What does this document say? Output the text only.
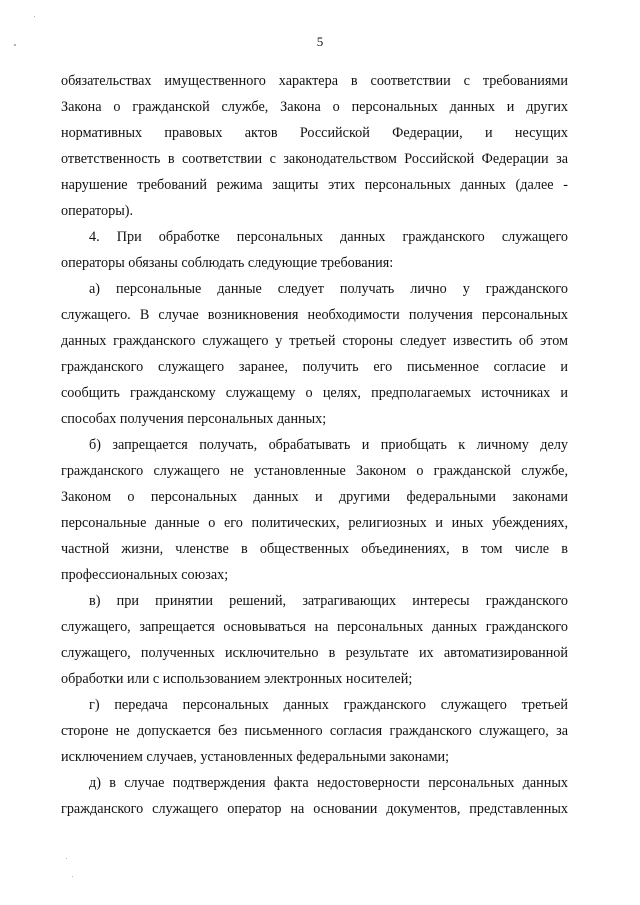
5
обязательствах имущественного характера в соответствии с требованиями
Закона о гражданской службе, Закона о персональных данных и других
нормативных правовых актов Российской Федерации, и несущих
ответственность в соответствии с законодательством Российской Федерации за
нарушение требований режима защиты этих персональных данных (далее -
операторы).
4. При обработке персональных данных гражданского служащего
операторы обязаны соблюдать следующие требования:
а) персональные данные следует получать лично у гражданского
служащего. В случае возникновения необходимости получения персональных
данных гражданского служащего у третьей стороны следует известить об этом
гражданского служащего заранее, получить его письменное согласие и
сообщить гражданскому служащему о целях, предполагаемых источниках и
способах получения персональных данных;
б) запрещается получать, обрабатывать и приобщать к личному делу
гражданского служащего не установленные Законом о гражданской службе,
Законом о персональных данных и другими федеральными законами
персональные данные о его политических, религиозных и иных убеждениях,
частной жизни, членстве в общественных объединениях, в том числе в
профессиональных союзах;
в) при принятии решений, затрагивающих интересы гражданского
служащего, запрещается основываться на персональных данных гражданского
служащего, полученных исключительно в результате их автоматизированной
обработки или с использованием электронных носителей;
г) передача персональных данных гражданского служащего третьей
стороне не допускается без письменного согласия гражданского служащего, за
исключением случаев, установленных федеральными законами;
д) в случае подтверждения факта недостоверности персональных данных
гражданского служащего оператор на основании документов, представленных
